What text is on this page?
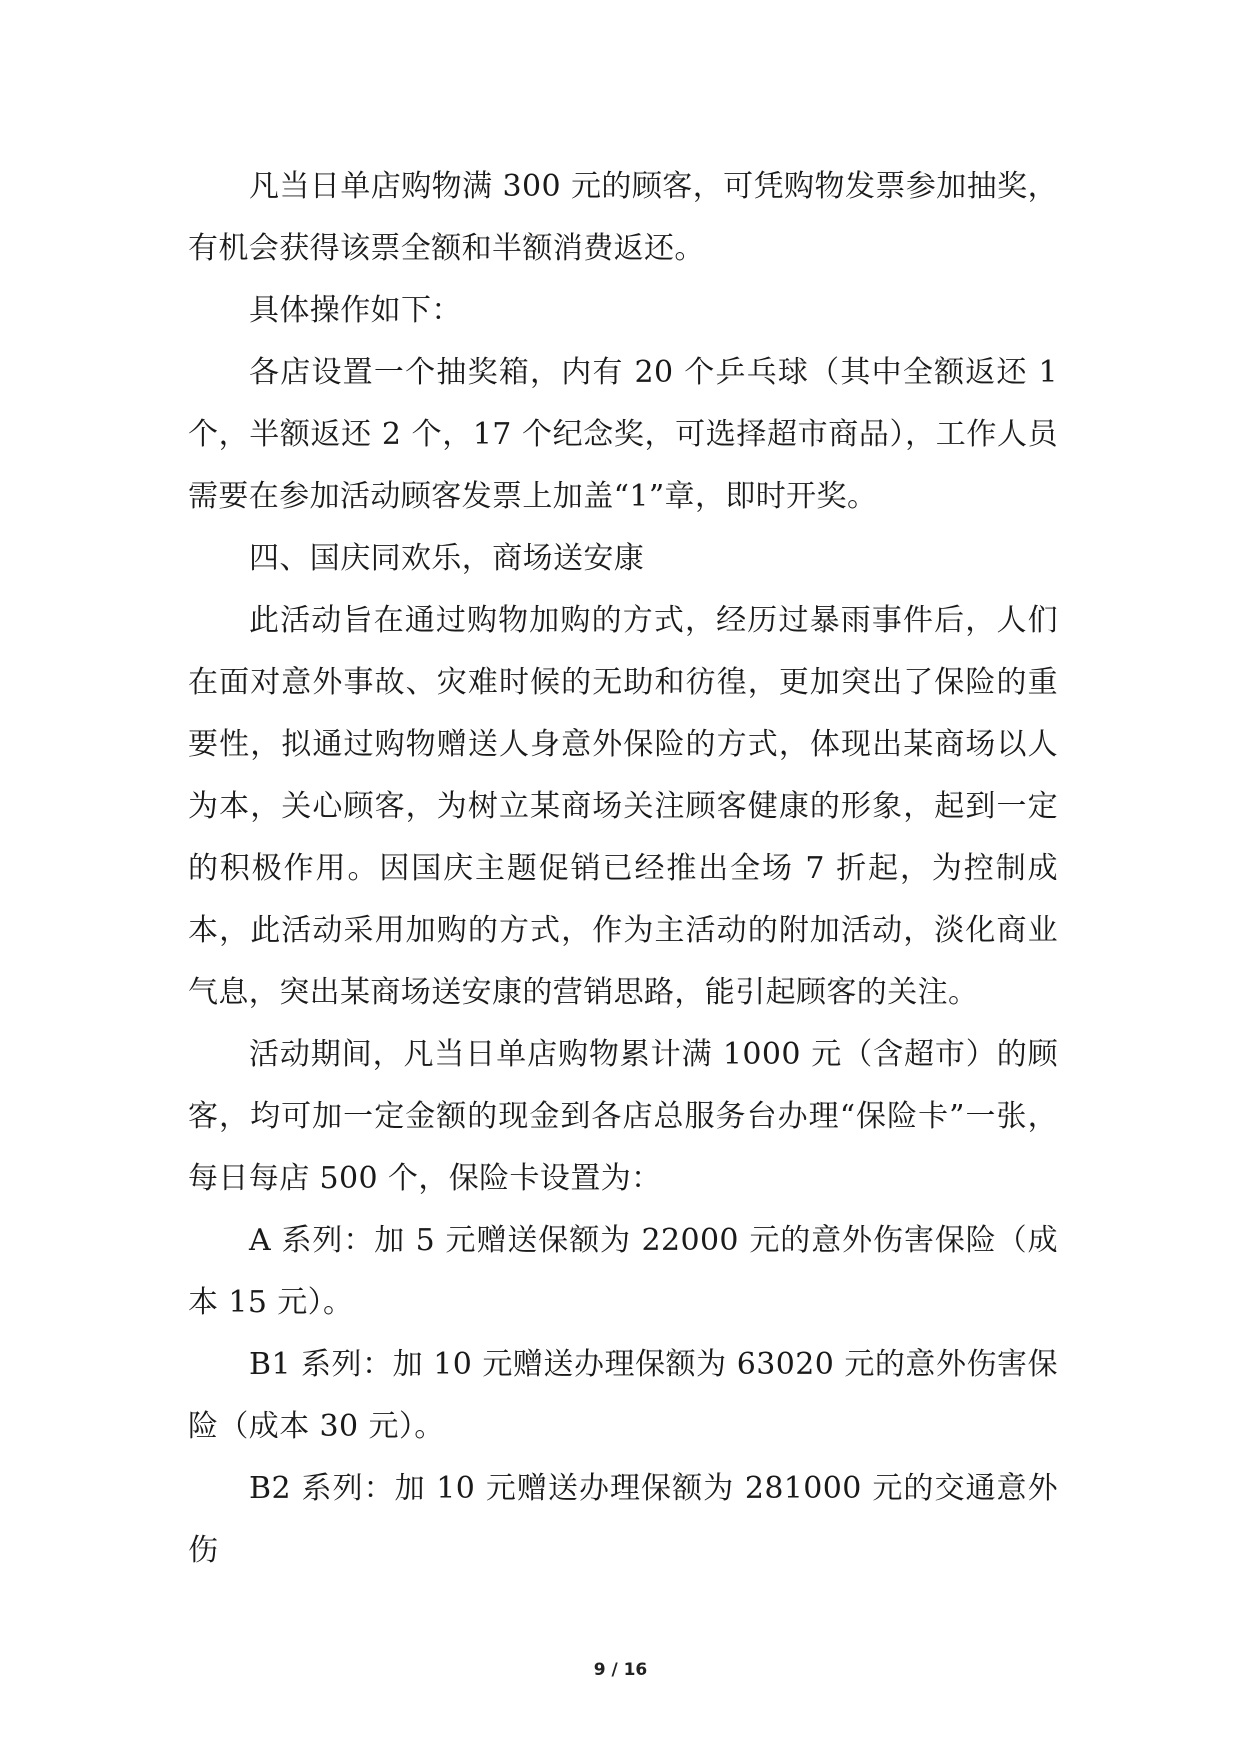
凡当日单店购物满 300 元的顾客，可凭购物发票参加抽奖，有机会获得该票全额和半额消费返还。

具体操作如下：

各店设置一个抽奖箱，内有 20 个乒乓球（其中全额返还 1 个，半额返还 2 个，17 个纪念奖，可选择超市商品），工作人员需要在参加活动顾客发票上加盖“1”章，即时开奖。

四、国庆同欢乐，商场送安康

此活动旨在通过购物加购的方式，经历过暴雨事件后，人们在面对意外事故、灾难时候的无助和彷徨，更加突出了保险的重要性，拟通过购物赠送人身意外保险的方式，体现出某商场以人为本，关心顾客，为树立某商场关注顾客健康的形象，起到一定的积极作用。因国庆主题促销已经推出全场 7 折起，为控制成本，此活动采用加购的方式，作为主活动的附加活动，淡化商业气息，突出某商场送安康的营销思路，能引起顾客的关注。

活动期间，凡当日单店购物累计满 1000 元（含超市）的顾客，均可加一定金额的现金到各店总服务台办理“保险卡”一张，每日每店 500 个，保险卡设置为：

A 系列：加 5 元赠送保额为 22000 元的意外伤害保险（成本 15 元）。

B1 系列：加 10 元赠送办理保额为 63020 元的意外伤害保险（成本 30 元）。

B2 系列：加 10 元赠送办理保额为 281000 元的交通意外伤

9 / 16
